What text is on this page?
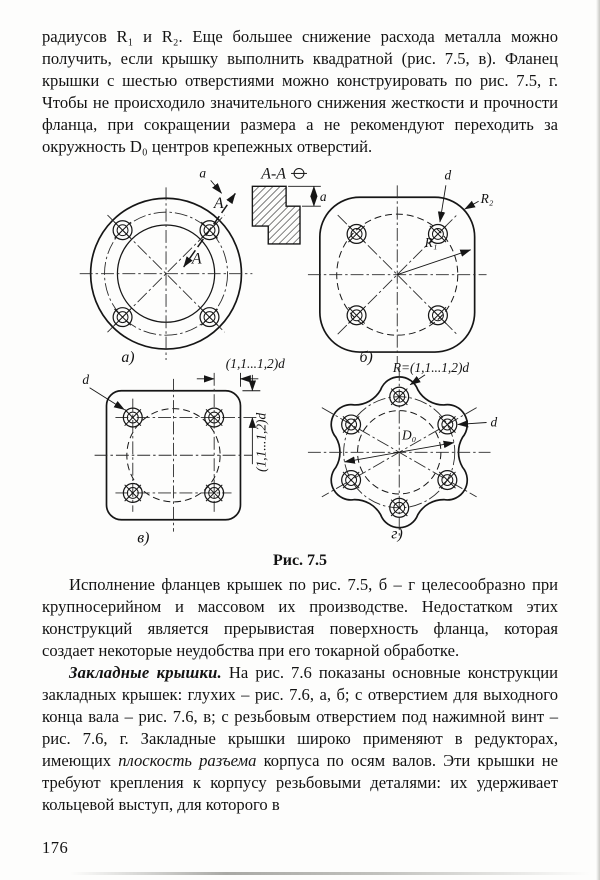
радиусов R₁ и R₂. Еще большее снижение расхода металла можно получить, если крышку выполнить квадратной (рис. 7.5, в). Фланец крышки с шестью отверстиями можно конструировать по рис. 7.5, г. Чтобы не происходило значительного снижения жесткости и прочности фланца, при сокращении размера а не рекомендуют переходить за окружность D₀ центров крепежных отверстий.

А
А
a
а)
А-А
a
R₁
d
R₂
б)
(1,1...1,2)d
(1,1...1,2)d
d
в)
D₀
R=(1,1...1,2)d
d
г)
Рис. 7.5

Исполнение фланцев крышек по рис. 7.5, б – г целесообразно при крупносерийном и массовом их производстве. Недостатком этих конструкций является прерывистая поверхность фланца, которая создает некоторые неудобства при его токарной обработке.

Закладные крышки. На рис. 7.6 показаны основные конструкции закладных крышек: глухих – рис. 7.6, а, б; с отверстием для выходного конца вала – рис. 7.6, в; с резьбовым отверстием под нажимной винт – рис. 7.6, г. Закладные крышки широко применяют в редукторах, имеющих плоскость разъема корпуса по осям валов. Эти крышки не требуют крепления к корпусу резьбовыми деталями: их удерживает кольцевой выступ, для которого в

176
